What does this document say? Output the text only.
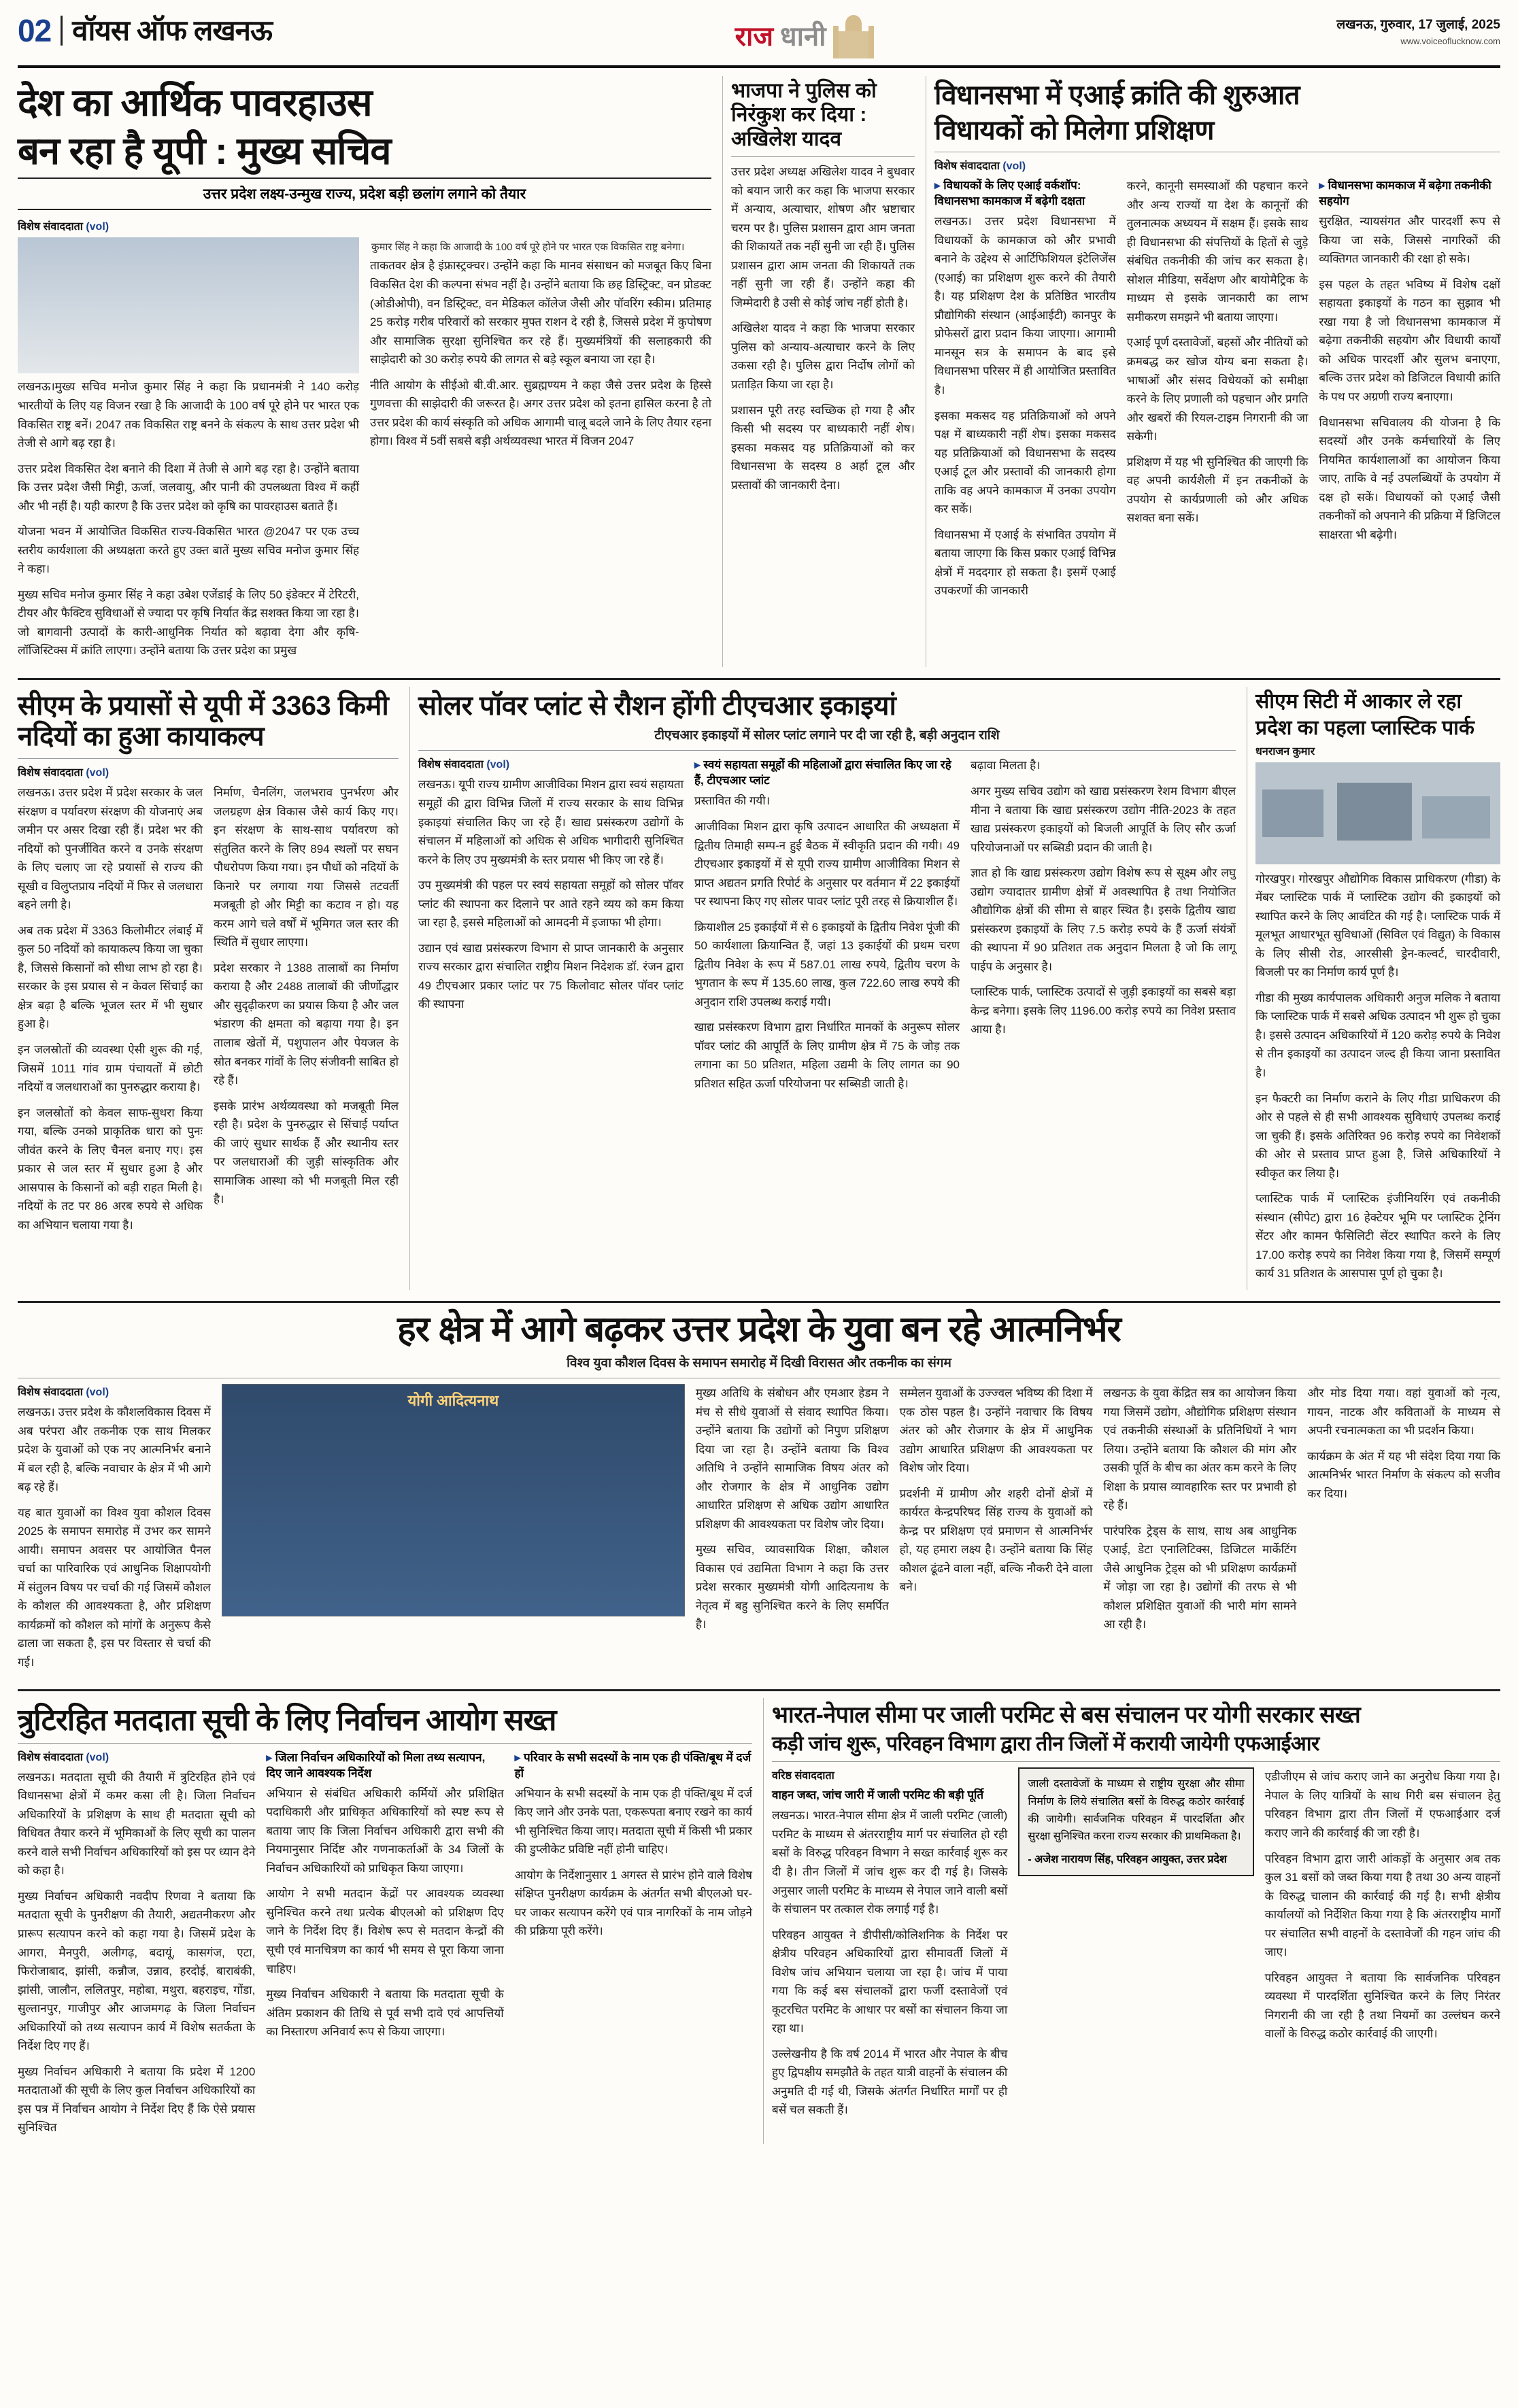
02 वॉयस ऑफ लखनऊ	राज धानी	लखनऊ, गुरुवार, 17 जुलाई, 2025
www.voiceoflucknow.com
देश का आर्थिक पावरहाउस
बन रहा है यूपी : मुख्य सचिव
उत्तर प्रदेश लक्ष्य-उन्मुख राज्य, प्रदेश बड़ी छलांग लगाने को तैयार
विशेष संवाददाता (vol)

लखनऊ।मुख्य सचिव मनोज कुमार सिंह ने कहा कि प्रधानमंत्री ने 140 करोड़ भारतीयों के लिए यह विजन रखा है कि आजादी के 100 वर्ष पूरे होने पर भारत एक विकसित राष्ट्र बनें। 2047 तक विकसित राष्ट्र बनने के संकल्प के साथ उत्तर प्रदेश भी तेजी से आगे बढ़ रहा है।

उत्तर प्रदेश विकसित देश बनाने की दिशा में तेजी से आगे बढ़ रहा है। उन्होंने बताया कि उत्तर प्रदेश जैसी मिट्टी, ऊर्जा, जलवायु, और पानी की उपलब्धता विश्व में कहीं और भी नहीं है। यही कारण है कि उत्तर प्रदेश को कृषि का पावरहाउस बताते हैं।

योजना भवन में आयोजित विकसित राज्य-विकसित भारत @2047 पर एक उच्च स्तरीय कार्यशाला की अध्यक्षता करते हुए उक्त बातें मुख्य सचिव मनोज कुमार सिंह ने कहा।

मुख्य सचिव मनोज कुमार सिंह ने कहा उबेश एजेंडाई के लिए 50 इंडेक्टर में टेरिटरी, टीयर और फैक्टिव सुविधाओं से ज्यादा पर कृषि निर्यात केंद्र सशक्त किया जा रहा है। जो बागवानी उत्पादों के कारी-आधुनिक निर्यात को बढ़ावा देगा और कृषि-लॉजिस्टिक्स में क्रांति लाएगा। उन्होंने बताया कि उत्तर प्रदेश का प्रमुख

कुमार सिंह ने कहा कि आजादी के 100 वर्ष पूरे होने पर भारत एक विकसित राष्ट्र बनेगा।

ताकतवर क्षेत्र है इंफ्रास्ट्रक्चर। उन्होंने कहा कि मानव संसाधन को मजबूत किए बिना विकसित देश की कल्पना संभव नहीं है। उन्होंने बताया कि छह डिस्ट्रिक्ट, वन प्रोडक्ट (ओडीओपी), वन डिस्ट्रिक्ट, वन मेडिकल कॉलेज जैसी और पॉवरिंग स्कीम। प्रतिमाह 25 करोड़ गरीब परिवारों को सरकार मुफ्त राशन दे रही है, जिससे प्रदेश में कुपोषण और सामाजिक सुरक्षा सुनिश्चित कर रहे हैं। मुख्यमंत्रियों की सलाहकारी की साझेदारी को 30 करोड़ रुपये की लागत से बड़े स्कूल बनाया जा रहा है।

नीति आयोग के सीईओ बी.वी.आर. सुब्रह्मण्यम ने कहा जैसे उत्तर प्रदेश के हिस्से गुणवत्ता की साझेदारी की जरूरत है। अगर उत्तर प्रदेश को इतना हासिल करना है तो उत्तर प्रदेश की कार्य संस्कृति को अधिक आगामी चालू बदले जाने के लिए तैयार रहना होगा। विश्व में 5वीं सबसे बड़ी अर्थव्यवस्था भारत में विजन 2047

भाजपा ने पुलिस को निरंकुश कर दिया : अखिलेश यादव

उत्तर प्रदेश अध्यक्ष अखिलेश यादव ने बुधवार को बयान जारी कर कहा कि भाजपा सरकार में अन्याय, अत्याचार, शोषण और भ्रष्टाचार चरम पर है। पुलिस प्रशासन द्वारा आम जनता की शिकायतें तक नहीं सुनी जा रही हैं। पुलिस प्रशासन द्वारा आम जनता की शिकायतें तक नहीं सुनी जा रही हैं। उन्होंने कहा की जिम्मेदारी है उसी से कोई जांच नहीं होती है।

अखिलेश यादव ने कहा कि भाजपा सरकार पुलिस को अन्याय-अत्याचार करने के लिए उकसा रही है। पुलिस द्वारा निर्दोष लोगों को प्रताड़ित किया जा रहा है।

प्रशासन पूरी तरह स्वच्छिक हो गया है और किसी भी सदस्य पर बाध्यकारी नहीं शेष। इसका मकसद यह प्रतिक्रियाओं को कर विधानसभा के सदस्य 8 अर्हा टूल और प्रस्तावों की जानकारी देना।

विधानसभा में एआई क्रांति की शुरुआत
विधायकों को मिलेगा प्रशिक्षण
विशेष संवाददाता (vol)
▸ विधायकों के लिए एआई वर्कशॉप: विधानसभा कामकाज में बढ़ेगी दक्षता

लखनऊ। उत्तर प्रदेश विधानसभा में विधायकों के कामकाज को और प्रभावी बनाने के उद्देश्य से आर्टिफिशियल इंटेलिजेंस (एआई) का प्रशिक्षण शुरू करने की तैयारी है। यह प्रशिक्षण देश के प्रतिष्ठित भारतीय प्रौद्योगिकी संस्थान (आईआईटी) कानपुर के प्रोफेसरों द्वारा प्रदान किया जाएगा। आगामी मानसून सत्र के समापन के बाद इसे विधानसभा परिसर में ही आयोजित प्रस्तावित है।

इसका मकसद यह प्रतिक्रियाओं को अपने पक्ष में बाध्यकारी नहीं शेष। इसका मकसद यह प्रतिक्रियाओं को विधानसभा के सदस्य एआई टूल और प्रस्तावों की जानकारी होगा ताकि वह अपने कामकाज में उनका उपयोग कर सकें।

विधानसभा में एआई के संभावित उपयोग में बताया जाएगा कि किस प्रकार एआई विभिन्न क्षेत्रों में मददगार हो सकता है। इसमें एआई उपकरणों की जानकारी

करने, कानूनी समस्याओं की पहचान करने और अन्य राज्यों या देश के कानूनों की तुलनात्मक अध्ययन में सक्षम हैं। इसके साथ ही विधानसभा की संपत्तियों के हितों से जुड़े संबंधित तकनीकी की जांच कर सकता है। सोशल मीडिया, सर्वेक्षण और बायोमैट्रिक के माध्यम से इसके जानकारी का लाभ समीकरण समझने भी बताया जाएगा।

एआई पूर्ण दस्तावेजों, बहसों और नीतियों को क्रमबद्ध कर खोज योग्य बना सकता है। भाषाओं और संसद विधेयकों को समीक्षा करने के लिए प्रणाली को पहचान और प्रगति और खबरों की रियल-टाइम निगरानी की जा सकेगी।

प्रशिक्षण में यह भी सुनिश्चित की जाएगी कि वह अपनी कार्यशैली में इन तकनीकों के उपयोग से कार्यप्रणाली को और अधिक सशक्त बना सकें।

▸ विधानसभा कामकाज में बढ़ेगा तकनीकी सहयोग

सुरक्षित, न्यायसंगत और पारदर्शी रूप से किया जा सके, जिससे नागरिकों की व्यक्तिगत जानकारी की रक्षा हो सके।

इस पहल के तहत भविष्य में विशेष दक्षों सहायता इकाइयों के गठन का सुझाव भी रखा गया है जो विधानसभा कामकाज में बढ़ेगा तकनीकी सहयोग और विधायी कार्यों को अधिक पारदर्शी और सुलभ बनाएगा, बल्कि उत्तर प्रदेश को डिजिटल विधायी क्रांति के पथ पर अग्रणी राज्य बनाएगा।

विधानसभा सचिवालय की योजना है कि सदस्यों और उनके कर्मचारियों के लिए नियमित कार्यशालाओं का आयोजन किया जाए, ताकि वे नई उपलब्धियों के उपयोग में दक्ष हो सकें। विधायकों को एआई जैसी तकनीकों को अपनाने की प्रक्रिया में डिजिटल साक्षरता भी बढ़ेगी।

सीएम के प्रयासों से यूपी में 3363 किमी नदियों का हुआ कायाकल्प
विशेष संवाददाता (vol)

लखनऊ। उत्तर प्रदेश में प्रदेश सरकार के जल संरक्षण व पर्यावरण संरक्षण की योजनाएं अब जमीन पर असर दिखा रही हैं। प्रदेश भर की नदियों को पुनर्जीवित करने व उनके संरक्षण के लिए चलाए जा रहे प्रयासों से राज्य की सूखी व विलुप्तप्राय नदियों में फिर से जलधारा बहने लगी है।

अब तक प्रदेश में 3363 किलोमीटर लंबाई में कुल 50 नदियों को कायाकल्प किया जा चुका है, जिससे किसानों को सीधा लाभ हो रहा है। सरकार के इस प्रयास से न केवल सिंचाई का क्षेत्र बढ़ा है बल्कि भूजल स्तर में भी सुधार हुआ है।

इन जलस्रोतों की व्यवस्था ऐसी शुरू की गई, जिसमें 1011 गांव ग्राम पंचायतों में छोटी नदियों व जलधाराओं का पुनरुद्धार कराया है।

इन जलस्रोतों को केवल साफ-सुथरा किया गया, बल्कि उनको प्राकृतिक धारा को पुनः जीवंत करने के लिए चैनल बनाए गए। इस प्रकार से जल स्तर में सुधार हुआ है और आसपास के किसानों को बड़ी राहत मिली है। नदियों के तट पर 86 अरब रुपये से अधिक का अभियान चलाया गया है।

निर्माण, चैनलिंग, जलभराव पुनर्भरण और जलग्रहण क्षेत्र विकास जैसे कार्य किए गए। इन संरक्षण के साथ-साथ पर्यावरण को संतुलित करने के लिए 894 स्थलों पर सघन पौधरोपण किया गया। इन पौधों को नदियों के किनारे पर लगाया गया जिससे तटवर्ती मजबूती हो और मिट्टी का कटाव न हो। यह करम आगे चले वर्षों में भूमिगत जल स्तर की स्थिति में सुधार लाएगा।

प्रदेश सरकार ने 1388 तालाबों का निर्माण कराया है और 2488 तालाबों की जीर्णोद्धार और सुदृढ़ीकरण का प्रयास किया है और जल भंडारण की क्षमता को बढ़ाया गया है। इन तालाब खेतों में, पशुपालन और पेयजल के स्रोत बनकर गांवों के लिए संजीवनी साबित हो रहे हैं।

इसके प्रारंभ अर्थव्यवस्था को मजबूती मिल रही है। प्रदेश के पुनरुद्धार से सिंचाई पर्याप्त की जाएं सुधार सार्थक हैं और स्थानीय स्तर पर जलधाराओं की जुड़ी सांस्कृतिक और सामाजिक आस्था को भी मजबूती मिल रही है।

सोलर पॉवर प्लांट से रौशन होंगी टीएचआर इकाइयां
टीएचआर इकाइयों में सोलर प्लांट लगाने पर दी जा रही है, बड़ी अनुदान राशि
विशेष संवाददाता (vol)

लखनऊ। यूपी राज्य ग्रामीण आजीविका मिशन द्वारा स्वयं सहायता समूहों की द्वारा विभिन्न जिलों में राज्य सरकार के साथ विभिन्न इकाइयां संचालित किए जा रहे हैं। खाद्य प्रसंस्करण उद्योगों के संचालन में महिलाओं को अधिक से अधिक भागीदारी सुनिश्चित करने के लिए उप मुख्यमंत्री के स्तर प्रयास भी किए जा रहे हैं।

उप मुख्यमंत्री की पहल पर स्वयं सहायता समूहों को सोलर पॉवर प्लांट की स्थापना कर दिलाने पर आते रहने व्यय को कम किया जा रहा है, इससे महिलाओं को आमदनी में इजाफा भी होगा।

उद्यान एवं खाद्य प्रसंस्करण विभाग से प्राप्त जानकारी के अनुसार राज्य सरकार द्वारा संचालित राष्ट्रीय मिशन निदेशक डॉ. रंजन द्वारा 49 टीएचआर प्रकार प्लांट पर 75 किलोवाट सोलर पॉवर प्लांट की स्थापना

▸ स्वयं सहायता समूहों की महिलाओं द्वारा संचालित किए जा रहे हैं, टीएचआर प्लांट

प्रस्तावित की गयी।

आजीविका मिशन द्वारा कृषि उत्पादन आधारित की अध्यक्षता में द्वितीय तिमाही सम्प-न हुई बैठक में स्वीकृति प्रदान की गयी। 49 टीएचआर इकाइयों में से यूपी राज्य ग्रामीण आजीविका मिशन से प्राप्त अद्यतन प्रगति रिपोर्ट के अनुसार पर वर्तमान में 22 इकाईयों पर स्थापना किए गए सोलर पावर प्लांट पूरी तरह से क्रियाशील हैं।

क्रियाशील 25 इकाईयों में से 6 इकाइयों के द्वितीय निवेश पूंजी की 50 कार्यशाला क्रियान्वित हैं, जहां 13 इकाईयों की प्रथम चरण द्वितीय निवेश के रूप में 587.01 लाख रुपये, द्वितीय चरण के भुगतान के रूप में 135.60 लाख, कुल 722.60 लाख रुपये की अनुदान राशि उपलब्ध कराई गयी।

खाद्य प्रसंस्करण विभाग द्वारा निर्धारित मानकों के अनुरूप सोलर पॉवर प्लांट की आपूर्ति के लिए ग्रामीण क्षेत्र में 75 के जोड़ तक लगाना का 50 प्रतिशत, महिला उद्यमी के लिए लागत का 90 प्रतिशत सहित ऊर्जा परियोजना पर सब्सिडी जाती है।

बढ़ावा मिलता है।

अगर मुख्य सचिव उद्योग को खाद्य प्रसंस्करण रेशम विभाग बीएल मीना ने बताया कि खाद्य प्रसंस्करण उद्योग नीति-2023 के तहत खाद्य प्रसंस्करण इकाइयों को बिजली आपूर्ति के लिए सौर ऊर्जा परियोजनाओं पर सब्सिडी प्रदान की जाती है।

ज्ञात हो कि खाद्य प्रसंस्करण उद्योग विशेष रूप से सूक्ष्म और लघु उद्योग ज्यादातर ग्रामीण क्षेत्रों में अवस्थापित है तथा नियोजित औद्योगिक क्षेत्रों की सीमा से बाहर स्थित है। इसके द्वितीय खाद्य प्रसंस्करण इकाइयों के लिए 7.5 करोड़ रुपये के हैं ऊर्जा संयंत्रों की स्थापना में 90 प्रतिशत तक अनुदान मिलता है जो कि लागू पाईप के अनुसार है।

प्लास्टिक पार्क, प्लास्टिक उत्पादों से जुड़ी इकाइयों का सबसे बड़ा केन्द्र बनेगा। इसके लिए 1196.00 करोड़ रुपये का निवेश प्रस्ताव आया है।

सीएम सिटी में आकार ले रहा
प्रदेश का पहला प्लास्टिक पार्क
धनराजन कुमार

गोरखपुर। गोरखपुर औद्योगिक विकास प्राधिकरण (गीडा) के मेंबर प्लास्टिक पार्क में प्लास्टिक उद्योग की इकाइयों को स्थापित करने के लिए आवंटित की गई है। प्लास्टिक पार्क में मूलभूत आधारभूत सुविधाओं (सिविल एवं विद्युत) के विकास के लिए सीसी रोड, आरसीसी ड्रेन-कल्वर्ट, चारदीवारी, बिजली पर का निर्माण कार्य पूर्ण है।

गीडा की मुख्य कार्यपालक अधिकारी अनुज मलिक ने बताया कि प्लास्टिक पार्क में सबसे अधिक उत्पादन भी शुरू हो चुका है। इससे उत्पादन अधिकारियों में 120 करोड़ रुपये के निवेश से तीन इकाइयों का उत्पादन जल्द ही किया जाना प्रस्तावित है।

इन फैक्टरी का निर्माण कराने के लिए गीडा प्राधिकरण की ओर से पहले से ही सभी आवश्यक सुविधाएं उपलब्ध कराई जा चुकी हैं। इसके अतिरिक्त 96 करोड़ रुपये का निवेशकों की ओर से प्रस्ताव प्राप्त हुआ है, जिसे अधिकारियों ने स्वीकृत कर लिया है।

प्लास्टिक पार्क में प्लास्टिक इंजीनियरिंग एवं तकनीकी संस्थान (सीपेट) द्वारा 16 हेक्टेयर भूमि पर प्लास्टिक ट्रेनिंग सेंटर और कामन फैसिलिटी सेंटर स्थापित करने के लिए 17.00 करोड़ रुपये का निवेश किया गया है, जिसमें सम्पूर्ण कार्य 31 प्रतिशत के आसपास पूर्ण हो चुका है।

हर क्षेत्र में आगे बढ़कर उत्तर प्रदेश के युवा बन रहे आत्मनिर्भर
विश्व युवा कौशल दिवस के समापन समारोह में दिखी विरासत और तकनीक का संगम
विशेष संवाददाता (vol)

लखनऊ। उत्तर प्रदेश के कौशलविकास दिवस में अब परंपरा और तकनीक एक साथ मिलकर प्रदेश के युवाओं को एक नए आत्मनिर्भर बनाने में बल रही है, बल्कि नवाचार के क्षेत्र में भी आगे बढ़ रहे हैं।

यह बात युवाओं का विश्व युवा कौशल दिवस 2025 के समापन समारोह में उभर कर सामने आयी। समापन अवसर पर आयोजित पैनल चर्चा का पारिवारिक एवं आधुनिक शिक्षापयोगी में संतुलन विषय पर चर्चा की गई जिसमें कौशल के कौशल की आवश्यकता है, और प्रशिक्षण कार्यक्रमों को कौशल को मांगों के अनुरूप कैसे ढाला जा सकता है, इस पर विस्तार से चर्चा की गई।

योगी आदित्यनाथ	मुख्य अतिथि के संबोधन और एमआर हेडम ने मंच से सीधे युवाओं से संवाद स्थापित किया। उन्होंने बताया कि उद्योगों को निपुण प्रशिक्षण दिया जा रहा है। उन्होंने बताया कि विश्व अतिथि ने उन्होंने सामाजिक विषय अंतर को और रोजगार के क्षेत्र में आधुनिक उद्योग आधारित प्रशिक्षण से अधिक उद्योग आधारित प्रशिक्षण की आवश्यकता पर विशेष जोर दिया।

मुख्य सचिव, व्यावसायिक शिक्षा, कौशल विकास एवं उद्यमिता विभाग ने कहा कि उत्तर प्रदेश सरकार मुख्यमंत्री योगी आदित्यनाथ के नेतृत्व में बहु सुनिश्चित करने के लिए समर्पित है।

सम्मेलन युवाओं के उज्ज्वल भविष्य की दिशा में एक ठोस पहल है। उन्होंने नवाचार कि विषय अंतर को और रोजगार के क्षेत्र में आधुनिक उद्योग आधारित प्रशिक्षण की आवश्यकता पर विशेष जोर दिया।

प्रदर्शनी में ग्रामीण और शहरी दोनों क्षेत्रों में कार्यरत केन्द्रपरिषद सिंह राज्य के युवाओं को केन्द्र पर प्रशिक्षण एवं प्रमाणन से आत्मनिर्भर हो, यह हमारा लक्ष्य है। उन्होंने बताया कि सिंह कौशल ढूंढने वाला नहीं, बल्कि नौकरी देने वाला बने।

लखनऊ के युवा केंद्रित सत्र का आयोजन किया गया जिसमें उद्योग, औद्योगिक प्रशिक्षण संस्थान एवं तकनीकी संस्थाओं के प्रतिनिधियों ने भाग लिया। उन्होंने बताया कि कौशल की मांग और उसकी पूर्ति के बीच का अंतर कम करने के लिए शिक्षा के प्रयास व्यावहारिक स्तर पर प्रभावी हो रहे हैं।

पारंपरिक ट्रेड्स के साथ, साथ अब आधुनिक एआई, डेटा एनालिटिक्स, डिजिटल मार्केटिंग जैसे आधुनिक ट्रेड्स को भी प्रशिक्षण कार्यक्रमों में जोड़ा जा रहा है। उद्योगों की तरफ से भी कौशल प्रशिक्षित युवाओं की भारी मांग सामने आ रही है।

और मोड दिया गया। वहां युवाओं को नृत्य, गायन, नाटक और कविताओं के माध्यम से अपनी रचनात्मकता का भी प्रदर्शन किया।

कार्यक्रम के अंत में यह भी संदेश दिया गया कि आत्मनिर्भर भारत निर्माण के संकल्प को सजीव कर दिया।

त्रुटिरहित मतदाता सूची के लिए निर्वाचन आयोग सख्त
विशेष संवाददाता (vol)

लखनऊ। मतदाता सूची की तैयारी में त्रुटिरहित होने एवं विधानसभा क्षेत्रों में कमर कसा ली है। जिला निर्वाचन अधिकारियों के प्रशिक्षण के साथ ही मतदाता सूची को विधिवत तैयार करने में भूमिकाओं के लिए सूची का पालन करने वाले सभी निर्वाचन अधिकारियों को इस पर ध्यान देने को कहा है।

मुख्य निर्वाचन अधिकारी नवदीप रिणवा ने बताया कि मतदाता सूची के पुनरीक्षण की तैयारी, अद्यतनीकरण और प्रारूप सत्यापन करने को कहा गया है। जिसमें प्रदेश के आगरा, मैनपुरी, अलीगढ़, बदायूं, कासगंज, एटा, फिरोजाबाद, झांसी, कन्नौज, उन्नाव, हरदोई, बाराबंकी, झांसी, जालौन, ललितपुर, महोबा, मथुरा, बहराइच, गोंडा, सुल्तानपुर, गाजीपुर और आजमगढ़ के जिला निर्वाचन अधिकारियों को तथ्य सत्यापन कार्य में विशेष सतर्कता के निर्देश दिए गए हैं।

मुख्य निर्वाचन अधिकारी ने बताया कि प्रदेश में 1200 मतदाताओं की सूची के लिए कुल निर्वाचन अधिकारियों का इस पत्र में निर्वाचन आयोग ने निर्देश दिए हैं कि ऐसे प्रयास सुनिश्चित

▸ जिला निर्वाचन अधिकारियों को मिला तथ्य सत्यापन, दिए जाने आवश्यक निर्देश

अभियान से संबंधित अधिकारी कर्मियों और प्रशिक्षित पदाधिकारी और प्राधिकृत अधिकारियों को स्पष्ट रूप से बताया जाए कि जिला निर्वाचन अधिकारी द्वारा सभी की नियमानुसार निर्दिष्ट और गणनाकर्ताओं के 34 जिलों के निर्वाचन अधिकारियों को प्राधिकृत किया जाएगा।

आयोग ने सभी मतदान केंद्रों पर आवश्यक व्यवस्था सुनिश्चित करने तथा प्रत्येक बीएलओ को प्रशिक्षण दिए जाने के निर्देश दिए हैं। विशेष रूप से मतदान केन्द्रों की सूची एवं मानचित्रण का कार्य भी समय से पूरा किया जाना चाहिए।

मुख्य निर्वाचन अधिकारी ने बताया कि मतदाता सूची के अंतिम प्रकाशन की तिथि से पूर्व सभी दावे एवं आपत्तियों का निस्तारण अनिवार्य रूप से किया जाएगा।

▸ परिवार के सभी सदस्यों के नाम एक ही पंक्ति/बूथ में दर्ज हों

अभियान के सभी सदस्यों के नाम एक ही पंक्ति/बूथ में दर्ज किए जाने और उनके पता, एकरूपता बनाए रखने का कार्य भी सुनिश्चित किया जाए। मतदाता सूची में किसी भी प्रकार की डुप्लीकेट प्रविष्टि नहीं होनी चाहिए।

आयोग के निर्देशानुसार 1 अगस्त से प्रारंभ होने वाले विशेष संक्षिप्त पुनरीक्षण कार्यक्रम के अंतर्गत सभी बीएलओ घर-घर जाकर सत्यापन करेंगे एवं पात्र नागरिकों के नाम जोड़ने की प्रक्रिया पूरी करेंगे।

भारत-नेपाल सीमा पर जाली परमिट से बस संचालन पर योगी सरकार सख्त
कड़ी जांच शुरू, परिवहन विभाग द्वारा तीन जिलों में करायी जायेगी एफआईआर
वरिष्ठ संवाददाता
वाहन जब्त, जांच जारी में जाली परमिट की बड़ी पूर्ति

लखनऊ। भारत-नेपाल सीमा क्षेत्र में जाली परमिट (जाली) परमिट के माध्यम से अंतरराष्ट्रीय मार्ग पर संचालित हो रही बसों के विरुद्ध परिवहन विभाग ने सख्त कार्रवाई शुरू कर दी है। तीन जिलों में जांच शुरू कर दी गई है। जिसके अनुसार जाली परमिट के माध्यम से नेपाल जाने वाली बसों के संचालन पर तत्काल रोक लगाई गई है।

परिवहन आयुक्त ने डीपीसी/कोलिशनिक के निर्देश पर क्षेत्रीय परिवहन अधिकारियों द्वारा सीमावर्ती जिलों में विशेष जांच अभियान चलाया जा रहा है। जांच में पाया गया कि कई बस संचालकों द्वारा फर्जी दस्तावेजों एवं कूटरचित परमिट के आधार पर बसों का संचालन किया जा रहा था।

उल्लेखनीय है कि वर्ष 2014 में भारत और नेपाल के बीच हुए द्विपक्षीय समझौते के तहत यात्री वाहनों के संचालन की अनुमति दी गई थी, जिसके अंतर्गत निर्धारित मार्गों पर ही बसें चल सकती हैं।

जाली दस्तावेजों के माध्यम से राष्ट्रीय सुरक्षा और सीमा निर्माण के लिये संचालित बसों के विरुद्ध कठोर कार्रवाई की जायेगी। सार्वजनिक परिवहन में पारदर्शिता और सुरक्षा सुनिश्चित करना राज्य सरकार की प्राथमिकता है।
- अजेश नारायण सिंह, परिवहन आयुक्त, उत्तर प्रदेश

एडीजीएम से जांच कराए जाने का अनुरोध किया गया है। नेपाल के लिए यात्रियों के साथ गिरी बस संचालन हेतु परिवहन विभाग द्वारा तीन जिलों में एफआईआर दर्ज कराए जाने की कार्रवाई की जा रही है।

परिवहन विभाग द्वारा जारी आंकड़ों के अनुसार अब तक कुल 31 बसों को जब्त किया गया है तथा 30 अन्य वाहनों के विरुद्ध चालान की कार्रवाई की गई है। सभी क्षेत्रीय कार्यालयों को निर्देशित किया गया है कि अंतरराष्ट्रीय मार्गों पर संचालित सभी वाहनों के दस्तावेजों की गहन जांच की जाए।

परिवहन आयुक्त ने बताया कि सार्वजनिक परिवहन व्यवस्था में पारदर्शिता सुनिश्चित करने के लिए निरंतर निगरानी की जा रही है तथा नियमों का उल्लंघन करने वालों के विरुद्ध कठोर कार्रवाई की जाएगी।
